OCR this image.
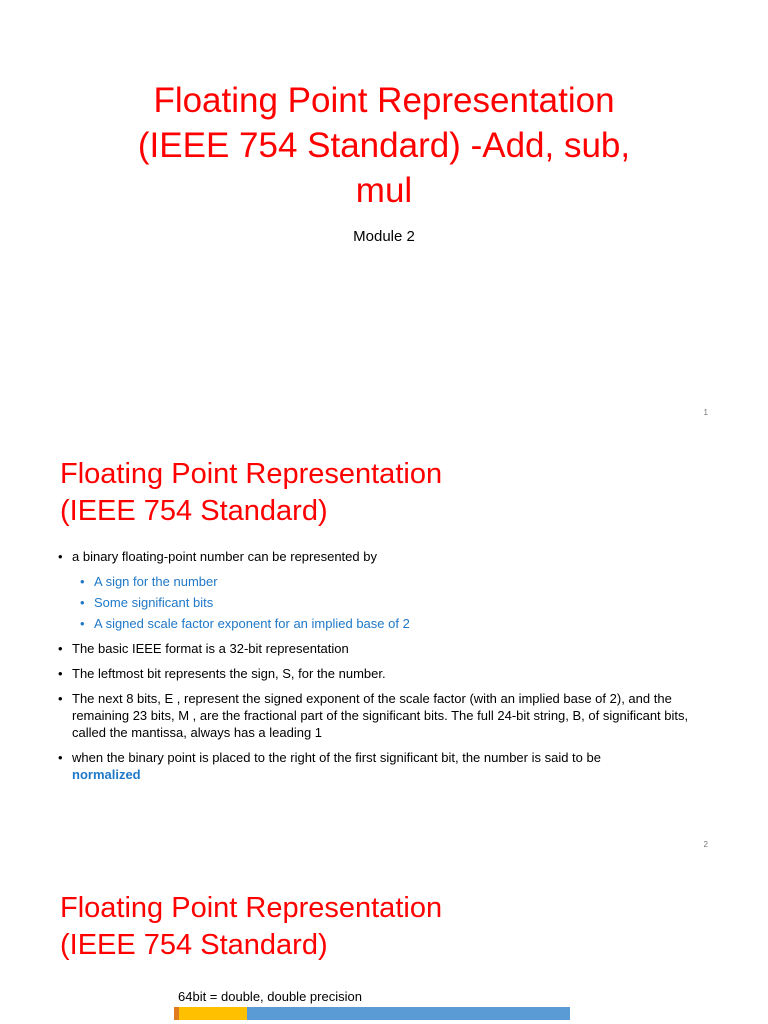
Floating Point Representation
(IEEE 754 Standard) -Add, sub,
mul
Module 2
1
Floating Point Representation
(IEEE 754 Standard)
• a binary floating-point number can be represented by
• A sign for the number
• Some significant bits
• A signed scale factor exponent for an implied base of 2
• The basic IEEE format is a 32-bit representation
• The leftmost bit represents the sign, S, for the number.
• The next 8 bits, E , represent the signed exponent of the scale factor (with an implied base of 2), and the remaining 23 bits, M , are the fractional part of the significant bits. The full 24-bit string, B, of significant bits, called the mantissa, always has a leading 1
• when the binary point is placed to the right of the first significant bit, the number is said to be
normalized
2
Floating Point Representation
(IEEE 754 Standard)
64bit = double, double precision
